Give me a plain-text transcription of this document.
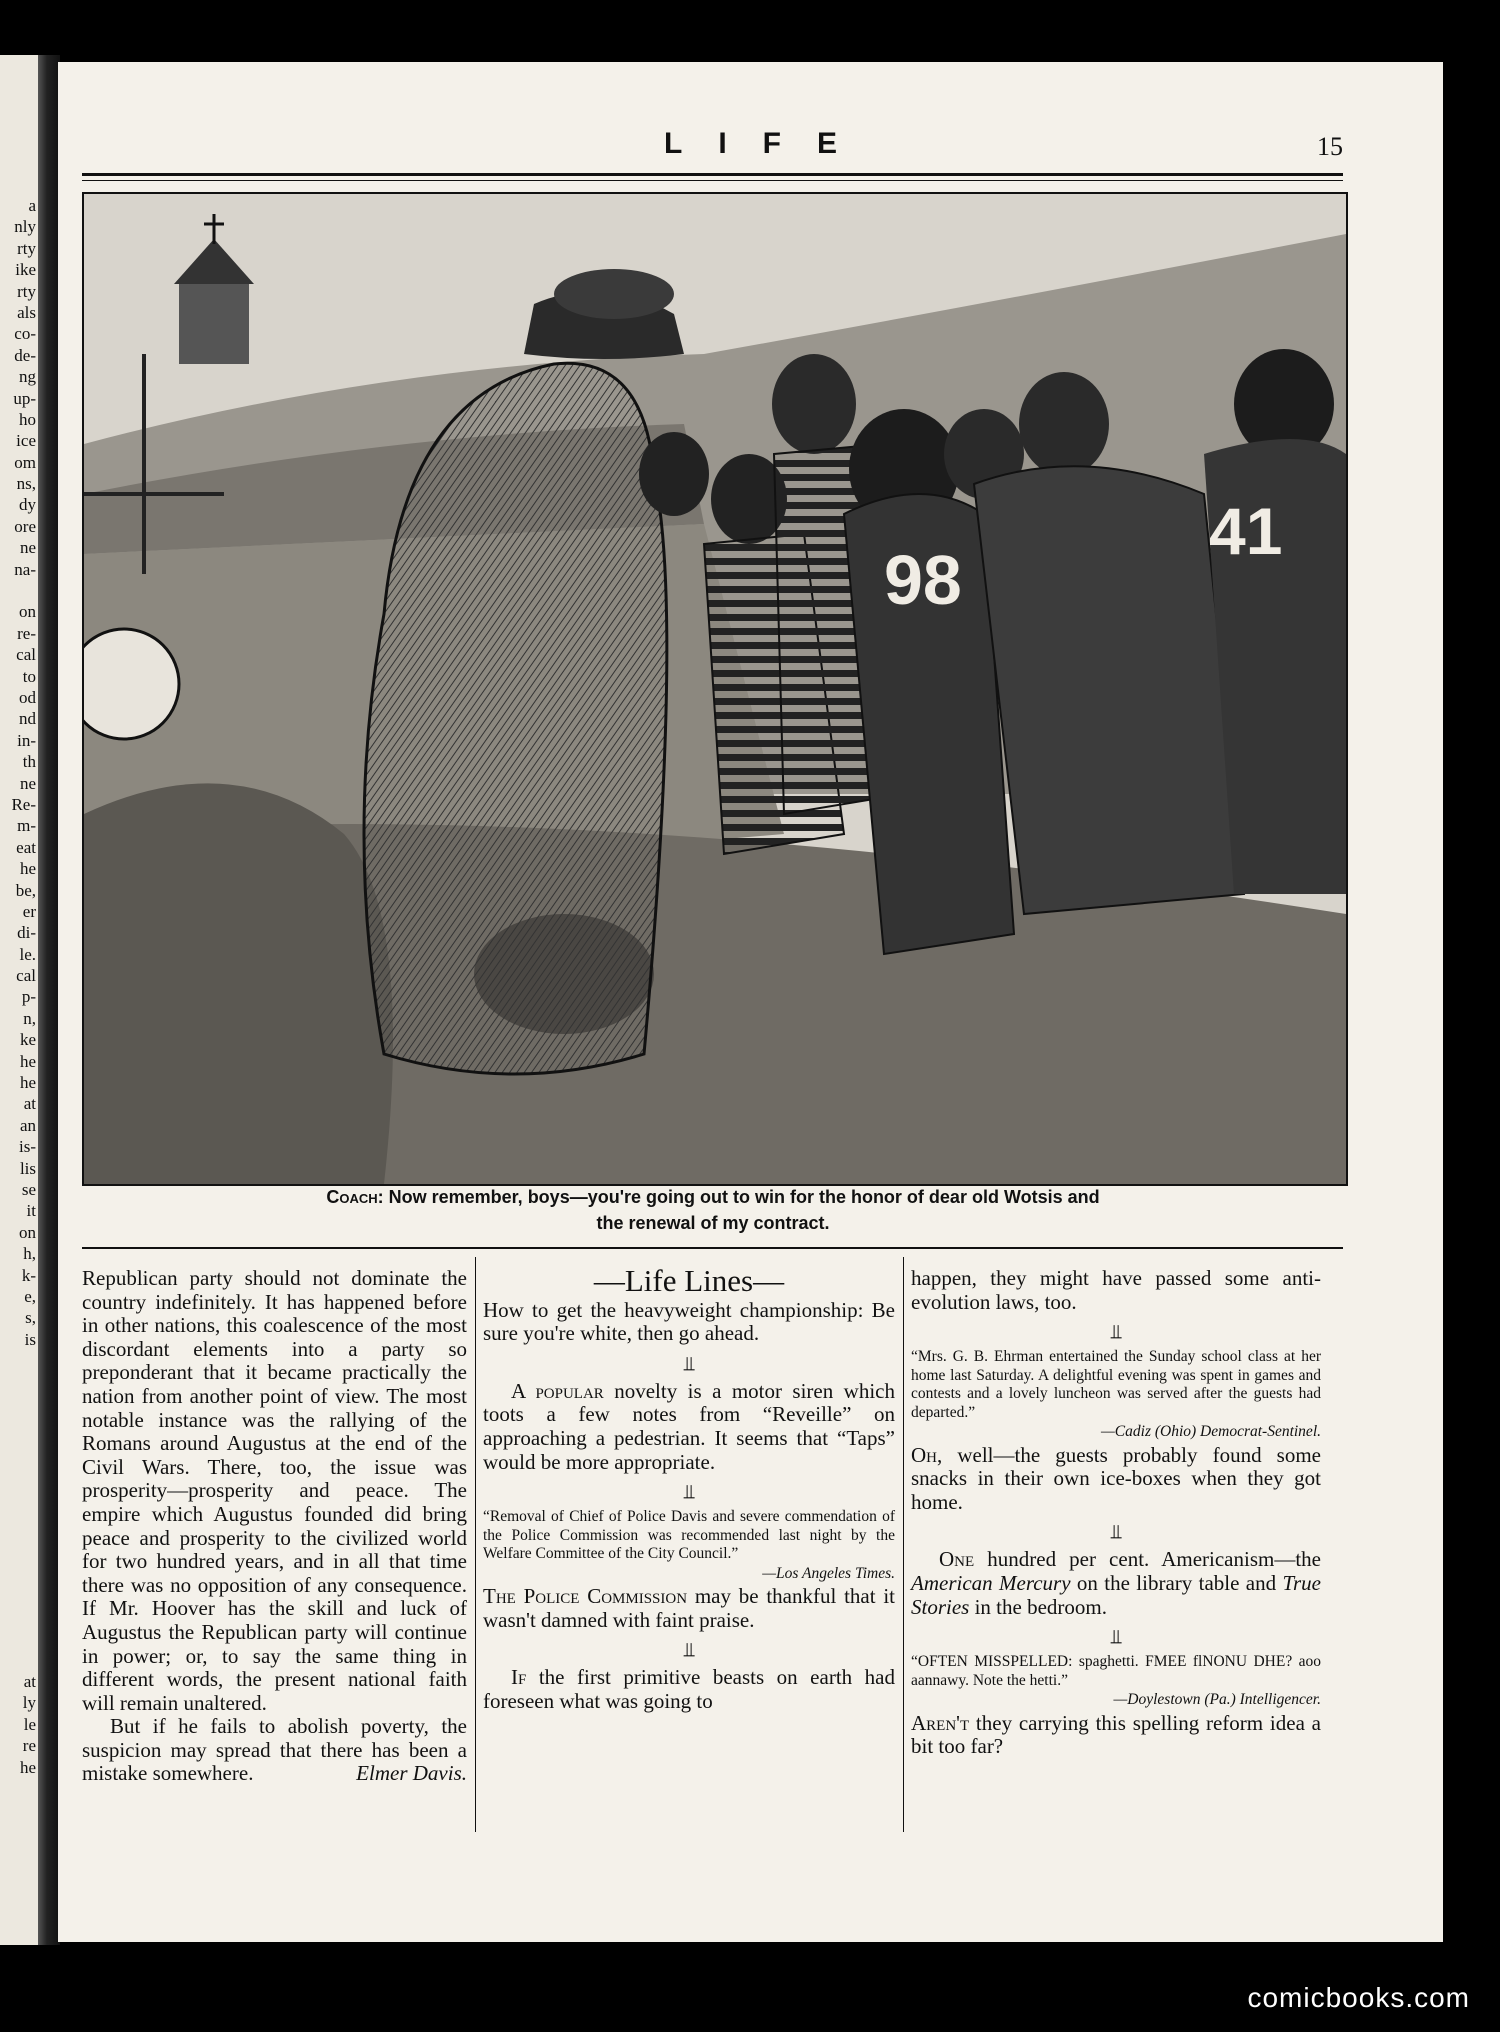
a
nly
rty
ike
rty
als
co-
de-
ng
up-
ho
ice
om
ns,
dy
ore
ne
na-
on
re-
cal
to
od
nd
in-
th
ne
Re-
m-
eat
he
be,
er
di-
le.
cal
p-
n,
ke
he
he
at
an
is-
lis
se
it
on
h,
k-
e,
s,
is
at
ly
le
re
he
LIFE	15
98
41
Coach: Now remember, boys—you're going out to win for the honor of dear old Wotsis and
the renewal of my contract.

Republican party should not dominate the country indefinitely. It has happened before in other nations, this coalescence of the most discordant elements into a party so preponderant that it became practically the nation from another point of view. The most notable instance was the rallying of the Romans around Augustus at the end of the Civil Wars. There, too, the issue was prosperity—prosperity and peace. The empire which Augustus founded did bring peace and prosperity to the civilized world for two hundred years, and in all that time there was no opposition of any consequence. If Mr. Hoover has the skill and luck of Augustus the Republican party will continue in power; or, to say the same thing in different words, the present national faith will remain unaltered.

But if he fails to abolish poverty, the suspicion may spread that there has been a mistake somewhere.	Elmer Davis.

—Life Lines—

How to get the heavyweight championship: Be sure you're white, then go ahead.

⫫

A popular novelty is a motor siren which toots a few notes from “Reveille” on approaching a pedestrian. It seems that “Taps” would be more appropriate.

⫫
“Removal of Chief of Police Davis and severe commendation of the Police Commission was recommended last night by the Welfare Committee of the City Council.”
—Los Angeles Times.

The Police Commission may be thankful that it wasn't damned with faint praise.

⫫

If the first primitive beasts on earth had foreseen what was going to

happen, they might have passed some anti-evolution laws, too.

⫫
“Mrs. G. B. Ehrman entertained the Sunday school class at her home last Saturday. A delightful evening was spent in games and contests and a lovely luncheon was served after the guests had departed.”
—Cadiz (Ohio) Democrat-Sentinel.

Oh, well—the guests probably found some snacks in their own ice-boxes when they got home.

⫫

One hundred per cent. Americanism—the American Mercury on the library table and True Stories in the bedroom.

⫫
“OFTEN MISSPELLED: spaghetti. FMEE flNONU DHE? aoo aannawy. Note the hetti.”
—Doylestown (Pa.) Intelligencer.

Aren't they carrying this spelling reform idea a bit too far?

comicbooks.com
